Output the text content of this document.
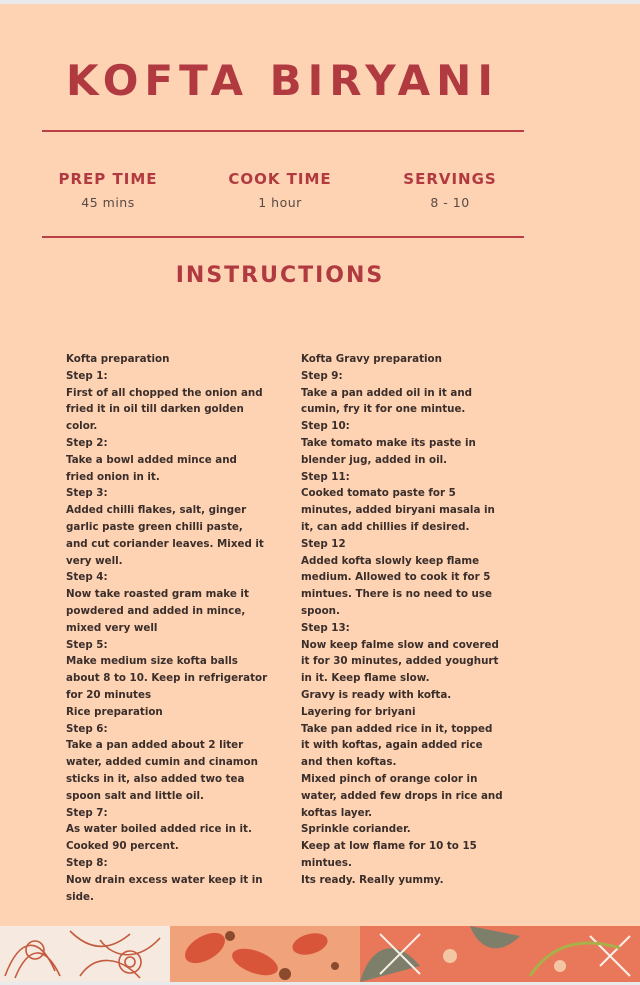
KOFTA BIRYANI
PREP TIME
45 mins
COOK TIME
1 hour
SERVINGS
8 - 10
INSTRUCTIONS
Kofta preparation
Step 1:
First of all chopped the onion and
fried it in oil till darken golden
color.
Step 2:
Take a bowl added mince and
fried onion in it.
Step 3:
Added chilli flakes, salt, ginger
garlic paste green chilli paste,
and cut coriander leaves. Mixed it
very well.
Step 4:
Now take roasted gram make it
powdered and added in mince,
mixed very well
Step 5:
Make medium size kofta balls
about 8 to 10. Keep in refrigerator
for 20 minutes
Rice preparation
Step 6:
Take a pan added about 2 liter
water, added cumin and cinamon
sticks in it, also added two tea
spoon salt and little oil.
Step 7:
As water boiled added rice in it.
Cooked 90 percent.
Step 8:
Now drain excess water keep it in
side.
Kofta Gravy preparation
Step 9:
Take a pan added oil in it and
cumin, fry it for one mintue.
Step 10:
Take tomato make its paste in
blender jug, added in oil.
Step 11:
Cooked tomato paste for 5
minutes, added biryani masala in
it, can add chillies if desired.
Step 12
Added kofta slowly keep flame
medium. Allowed to cook it for 5
mintues. There is no need to use
spoon.
Step 13:
Now keep falme slow and covered
it for 30 minutes, added youghurt
in it. Keep flame slow.
Gravy is ready with kofta.
Layering for briyani
Take pan added rice in it, topped
it with koftas, again added rice
and then koftas.
Mixed pinch of orange color in
water, added few drops in rice and
koftas layer.
Sprinkle coriander.
Keep at low flame for 10 to 15
mintues.
Its ready. Really yummy.
